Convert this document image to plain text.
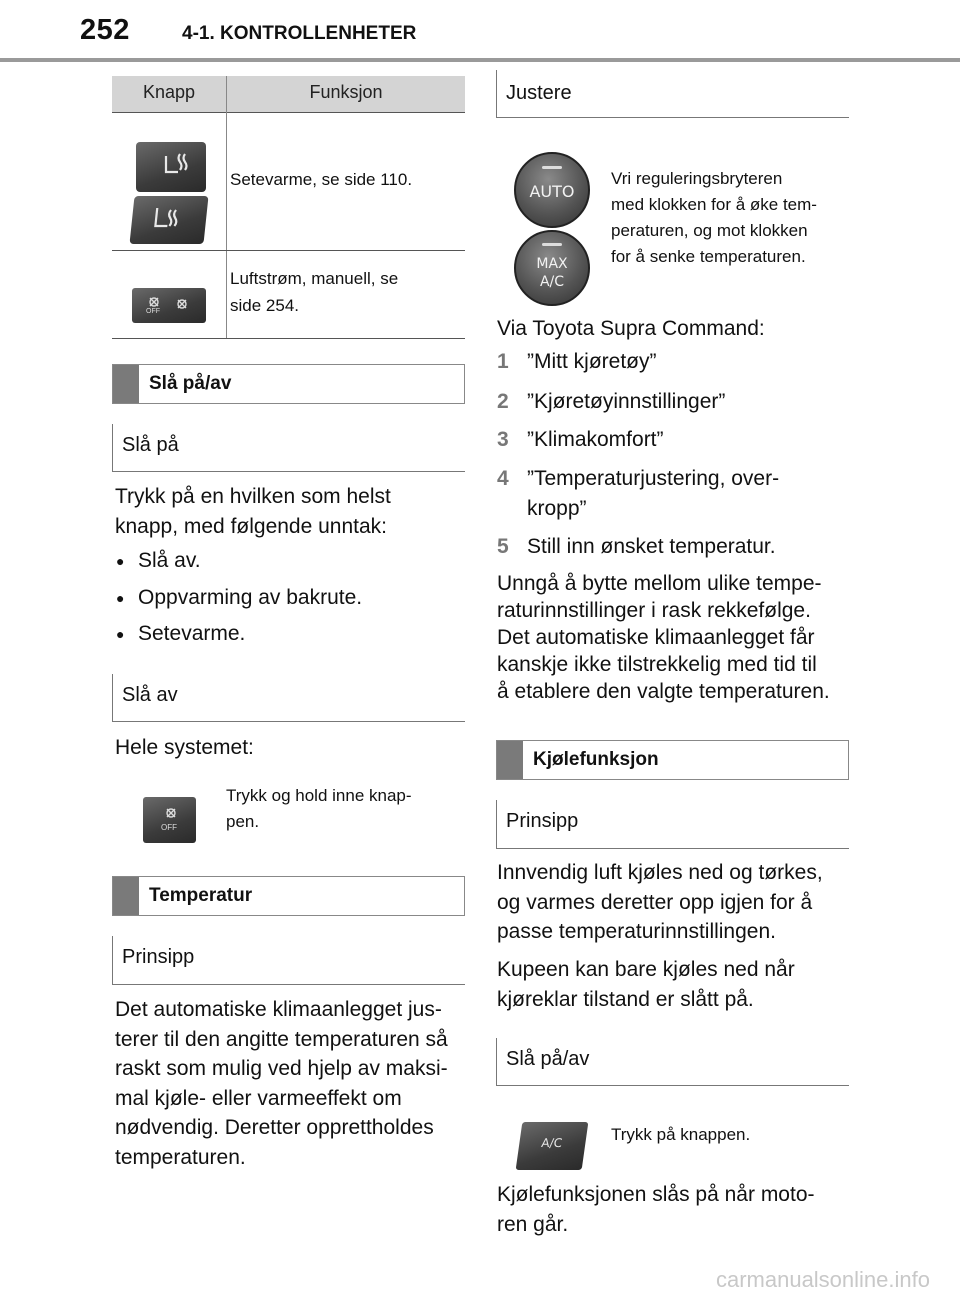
252	4-1. KONTROLLENHETER
Knapp	Funksjon
Setevarme, se side 110.
OFF
Luftstrøm, manuell, se
side 254.
Slå på/av
Slå på
Trykk på en hvilken som helst
knapp, med følgende unntak:
● Slå av.
● Oppvarming av bakrute.
● Setevarme.
Slå av
Hele systemet:
OFF
Trykk og hold inne knap-
pen.
Temperatur
Prinsipp
Det automatiske klimaanlegget jus-
terer til den angitte temperaturen så
raskt som mulig ved hjelp av maksi-
mal kjøle- eller varmeeffekt om
nødvendig. Deretter opprettholdes
temperaturen.
Justere
AUTO
MAX
A/C
Vri reguleringsbryteren
med klokken for å øke tem-
peraturen, og mot klokken
for å senke temperaturen.
Via Toyota Supra Command:
1 ”Mitt kjøretøy”
2 ”Kjøretøyinnstillinger”
3 ”Klimakomfort”
4 ”Temperaturjustering, over-
kropp”
5 Still inn ønsket temperatur.
Unngå å bytte mellom ulike tempe-
raturinnstillinger i rask rekkefølge.
Det automatiske klimaanlegget får
kanskje ikke tilstrekkelig med tid til
å etablere den valgte temperaturen.
Kjølefunksjon
Prinsipp
Innvendig luft kjøles ned og tørkes,
og varmes deretter opp igjen for å
passe temperaturinnstillingen.
Kupeen kan bare kjøles ned når
kjøreklar tilstand er slått på.
Slå på/av
A/C	Trykk på knappen.
Kjølefunksjonen slås på når moto-
ren går.
carmanualsonline.info
